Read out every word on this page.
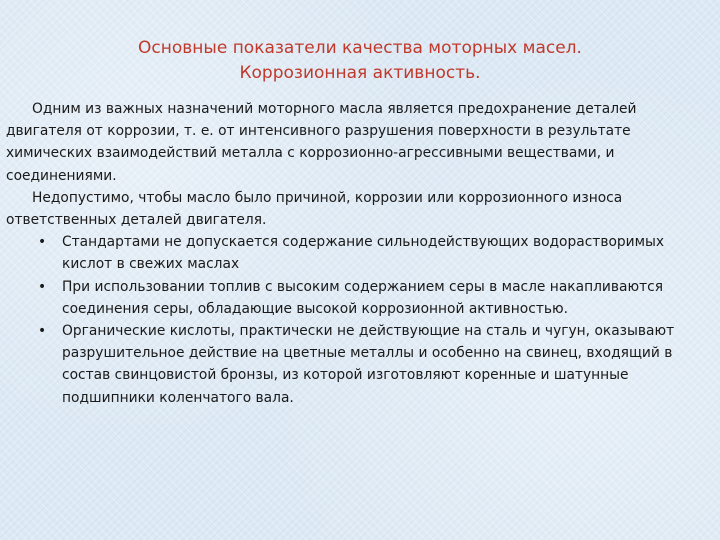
Основные показатели качества моторных масел.
Коррозионная активность.

Одним из важных назначений моторного масла является предохранение деталей двигателя от коррозии, т. е. от интенсивного разрушения поверхности в результате химических взаимодействий металла с коррозионно-агрессивными веществами, и соединениями.

Недопустимо, чтобы масло было причиной, коррозии или коррозионного износа ответственных деталей двигателя.

• Стандартами не допускается содержание сильнодействующих водорастворимых кислот в свежих маслах
• При использовании топлив с высоким содержанием серы в масле накапливаются соединения серы, обладающие высокой коррозионной активностью.
• Органические кислоты, практически не действующие на сталь и чугун, оказывают разрушительное действие на цветные металлы и особенно на свинец, входящий в состав свинцовистой бронзы, из которой изготовляют коренные и шатунные подшипники коленчатого вала.
